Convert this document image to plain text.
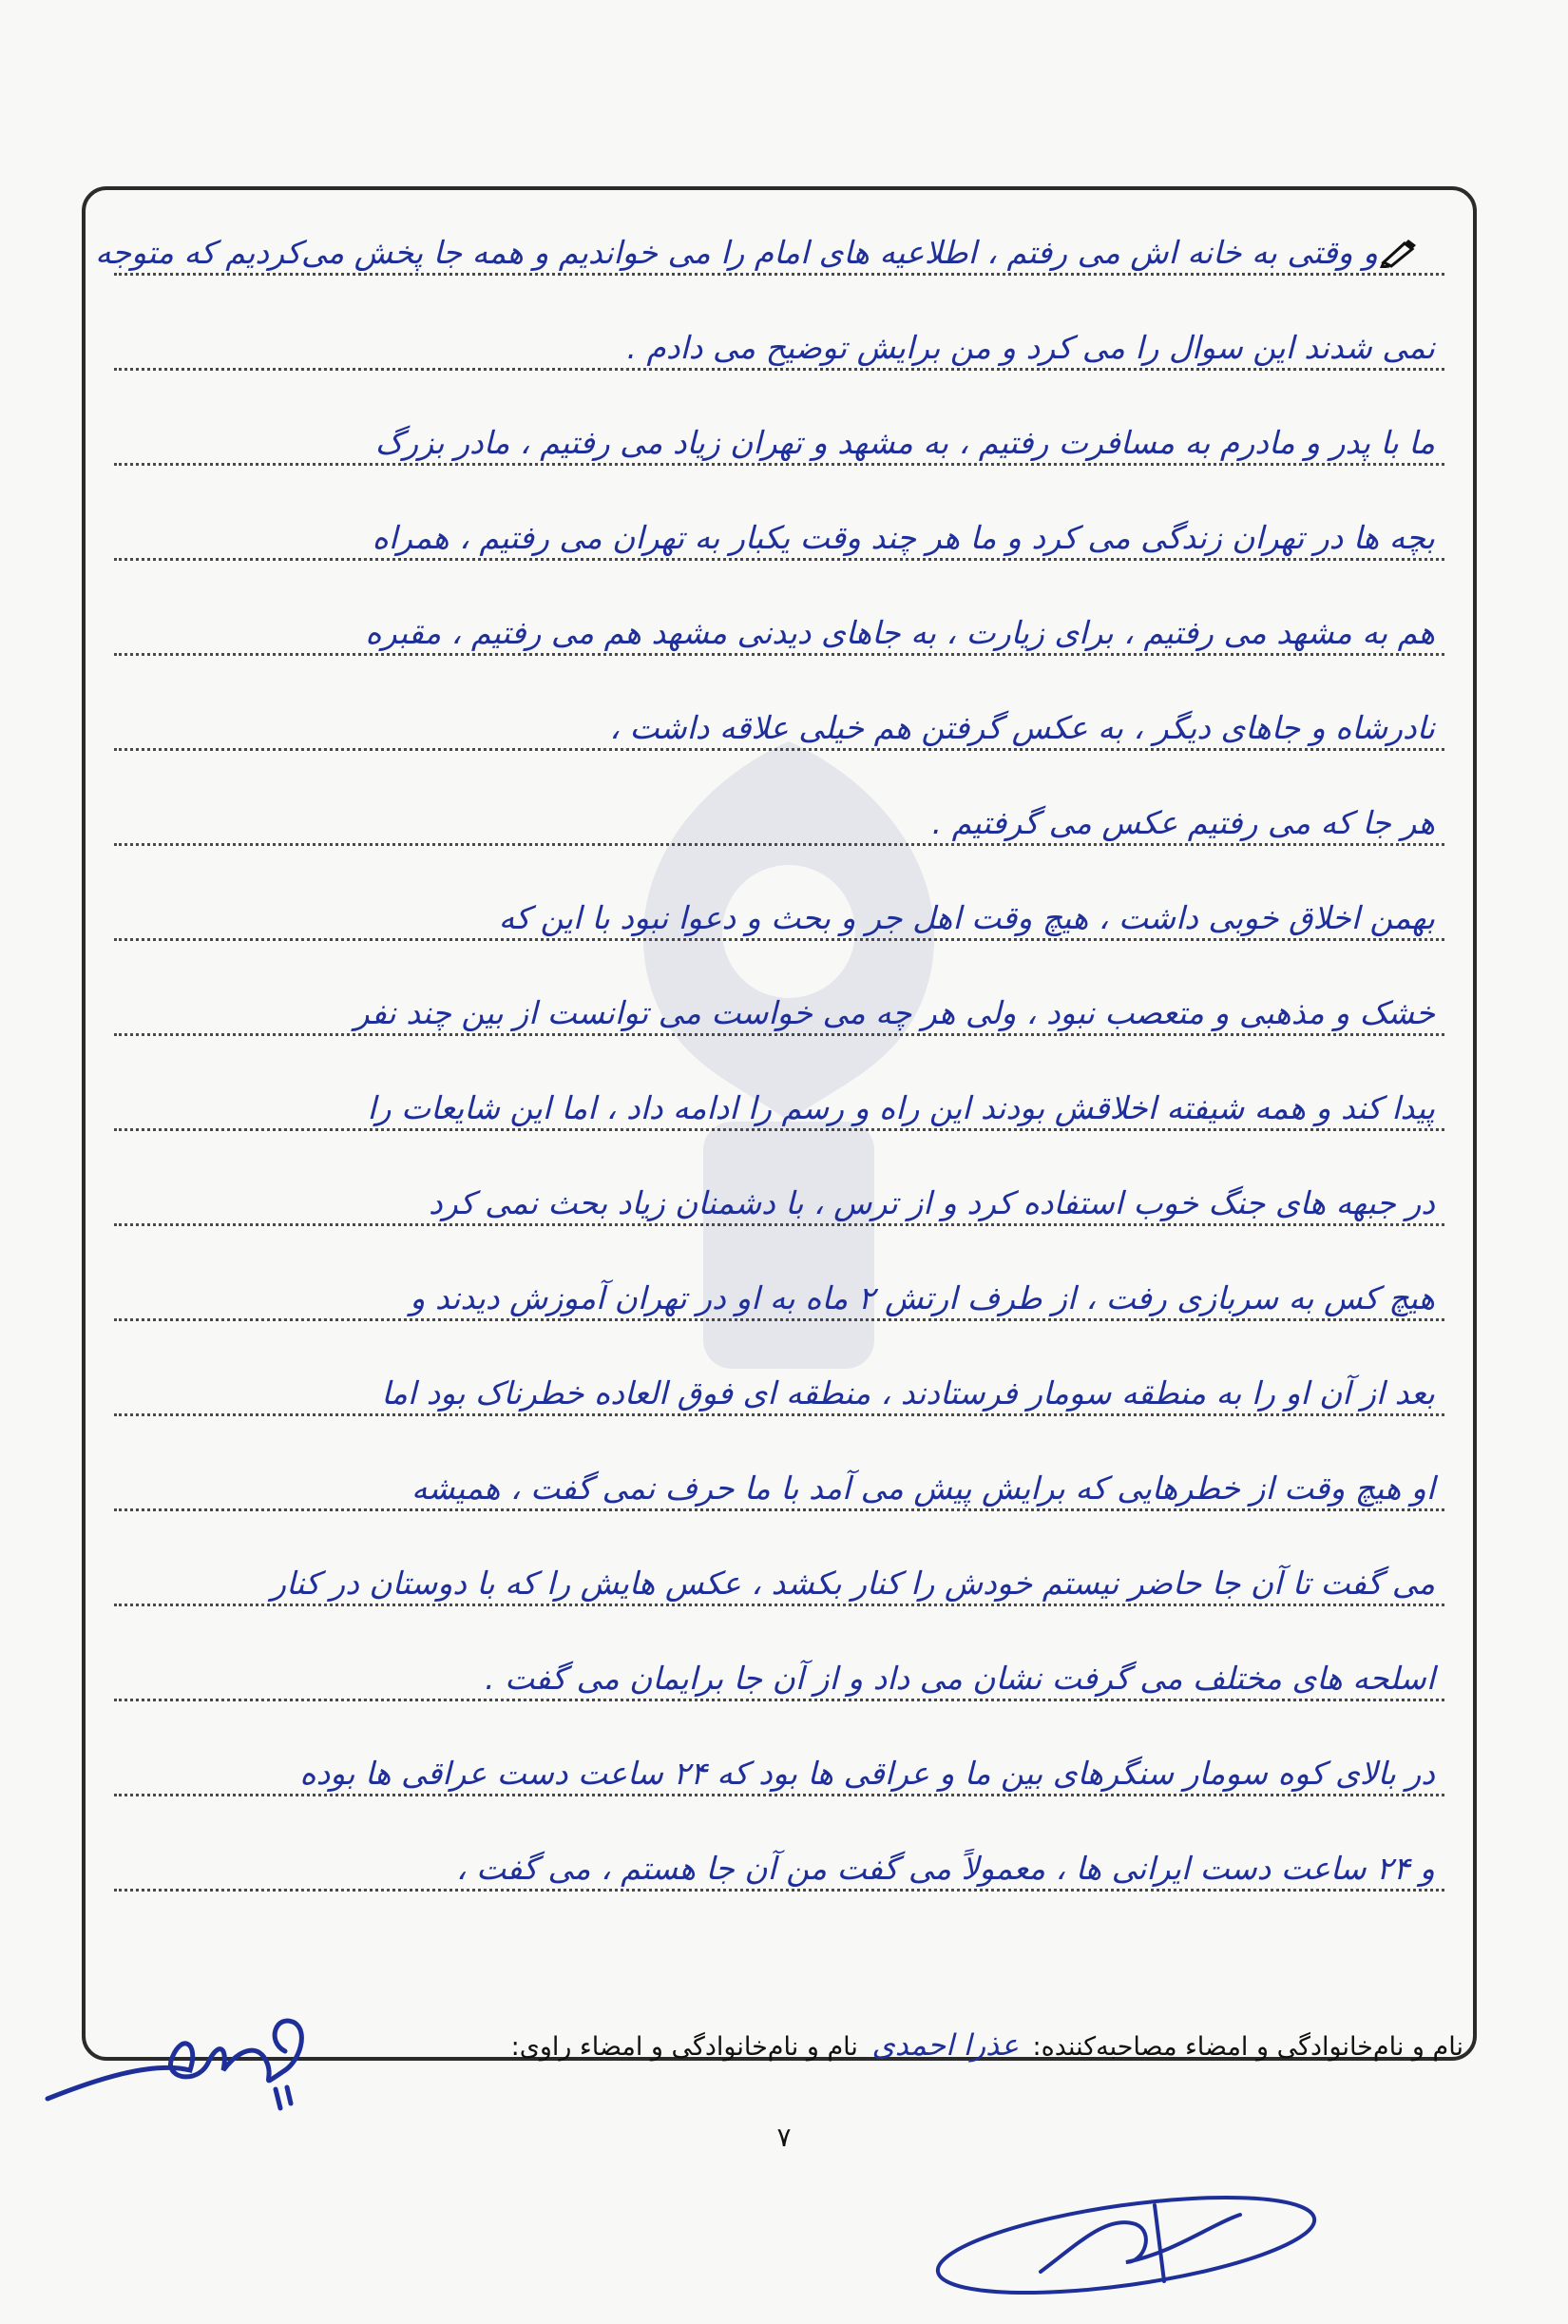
و وقتی به خانه اش می رفتم ، اطلاعیه های امام را می خواندیم و همه جا پخش می‌کردیم که متوجه
نمی شدند این سوال را می کرد و من برایش توضیح می دادم .
ما با پدر و مادرم به مسافرت رفتیم ، به مشهد و تهران زیاد می رفتیم ، مادر بزرگ
بچه ها در تهران زندگی می کرد و ما هر چند وقت یکبار به تهران می رفتیم ، همراه
هم به مشهد می رفتیم ، برای زیارت ، به جاهای دیدنی مشهد هم می رفتیم ، مقبره
نادرشاه و جاهای دیگر ، به عکس گرفتن هم خیلی علاقه داشت ،
هر جا که می رفتیم عکس می گرفتیم .
بهمن اخلاق خوبی داشت ، هیچ وقت اهل جر و بحث و دعوا نبود با این که
خشک و مذهبی و متعصب نبود ، ولی هر چه می خواست می توانست از بین چند نفر
پیدا کند و همه شیفته اخلاقش بودند این راه و رسم را ادامه داد ، اما این شایعات را
در جبهه های جنگ خوب استفاده کرد و از ترس ، با دشمنان زیاد بحث نمی کرد
هیچ کس به سربازی رفت ، از طرف ارتش ۲ ماه به او در تهران آموزش دیدند و
بعد از آن او را به منطقه سومار فرستادند ، منطقه ای فوق العاده خطرناک بود اما
او هیچ وقت از خطرهایی که برایش پیش می آمد با ما حرف نمی گفت ، همیشه
می گفت تا آن جا حاضر نیستم خودش را کنار بکشد ، عکس هایش را که با دوستان در کنار
اسلحه های مختلف می گرفت نشان می داد و از آن جا برایمان می گفت .
در بالای کوه سومار سنگرهای بین ما و عراقی ها بود که ۲۴ ساعت دست عراقی ها بوده
و ۲۴ ساعت دست ایرانی ها ، معمولاً می گفت من آن جا هستم ، می گفت ،
نام و نام‌خانوادگی و امضاء مصاحبه‌کننده: عذرا احمدی نام و نام‌خانوادگی و امضاء راوی:
۷
